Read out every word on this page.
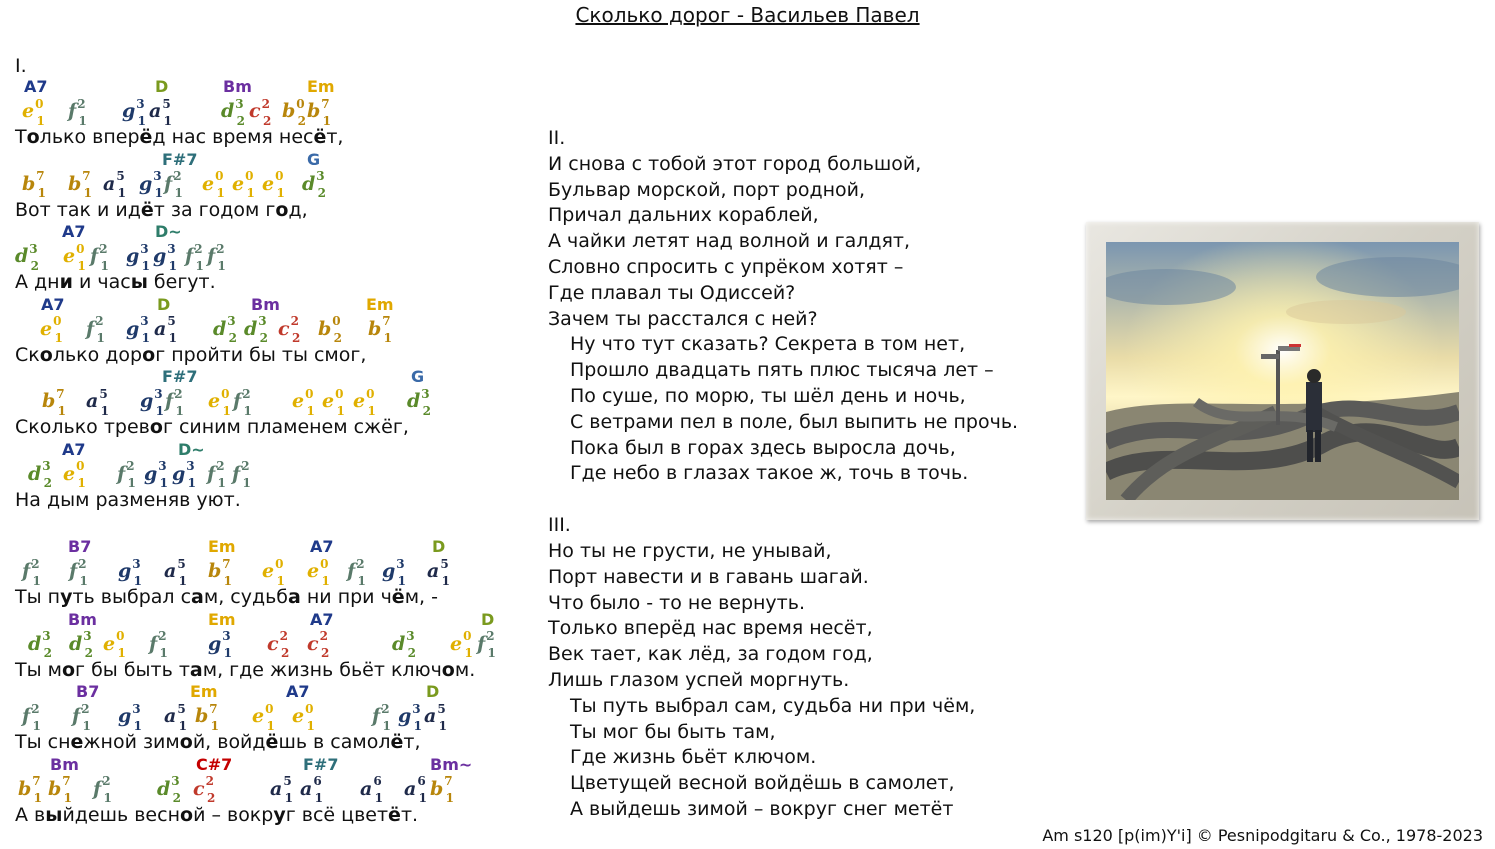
Сколько дорог - Васильев Павел
I.
A7	D	Bm	Em
$e^0_1$ $f^2_1$ $g^3_1$ $a^5_1$	$d^3_2$ $c^2_2$ $b^0_2$ $b^7_1$
Только вперёд нас время несёт,
F#7	G
$b^7_1$ $b^7_1$ $a^5_1$ $g^3_1$ $f^2_1$ $e^0_1$ $e^0_1$ $e^0_1$ $d^3_2$
Вот так и идёт за годом год,
A7	D~
$d^3_2$ $e^0_1$ $f^2_1$ $g^3_1$ $g^3_1$ $f^2_1$ $f^2_1$
А дни и часы бегут.
A7	D	Bm	Em
$e^0_1$ $f^2_1$ $g^3_1$ $a^5_1$ $d^3_2$ $d^3_2$ $c^2_2$ $b^0_2$ $b^7_1$
Сколько дорог пройти бы ты смог,
F#7	G
$b^7_1$ $a^5_1$ $g^3_1$ $f^2_1$ $e^0_1$ $f^2_1$ $e^0_1$ $e^0_1$ $e^0_1$ $d^3_2$
Сколько тревог синим пламенем сжёг,
A7	D~
$d^3_2$ $e^0_1$ $f^2_1$ $g^3_1$ $g^3_1$ $f^2_1$ $f^2_1$
На дым разменяв уют.
B7	Em	A7	D
$f^2_1$ $f^2_1$ $g^3_1$ $a^5_1$ $b^7_1$ $e^0_1$ $e^0_1$ $f^2_1$ $g^3_1$ $a^5_1$
Ты путь выбрал сам, судьба ни при чём, -
Bm	Em	A7	D
$d^3_2$ $d^3_2$ $e^0_1$ $f^2_1$ $g^3_1$ $c^2_2$ $c^2_2$	$d^3_2$ $e^0_1$ $f^2_1$
Ты мог бы быть там, где жизнь бьёт ключом.
B7	Em	A7	D
$f^2_1$ $f^2_1$ $g^3_1$ $a^5_1$ $b^7_1$ $e^0_1$ $e^0_1$	$f^2_1$ $g^3_1$ $a^5_1$
Ты снежной зимой, войдёшь в самолёт,
Bm	C#7	F#7	Bm~
$b^7_1$ $b^7_1$ $f^2_1$ $d^3_2$ $c^2_2$	$a^5_1$ $a^6_1$ $a^6_1$ $a^6_1$ $b^7_1$
А выйдешь весной – вокруг всё цветёт.
II.
И снова с тобой этот город большой,
Бульвар морской, порт родной,
Причал дальних кораблей,
А чайки летят над волной и галдят,
Словно спросить с упрёком хотят –
Где плавал ты Одиссей?
Зачем ты расстался с ней?
Ну что тут сказать? Секрета в том нет,
Прошло двадцать пять плюс тысяча лет –
По суше, по морю, ты шёл день и ночь,
С ветрами пел в поле, был выпить не прочь.
Пока был в горах здесь выросла дочь,
Где небо в глазах такое ж, точь в точь.
III.
Но ты не грусти, не унывай,
Порт навести и в гавань шагай.
Что было - то не вернуть.
Только вперёд нас время несёт,
Век тает, как лёд, за годом год,
Лишь глазом успей моргнуть.
Ты путь выбрал сам, судьба ни при чём,
Ты мог бы быть там,
Где жизнь бьёт ключом.
Цветущей весной войдёшь в самолет,
А выйдешь зимой – вокруг снег метёт
Am s120 [p(im)Y'i] © Pesnipodgitaru & Co., 1978-2023
